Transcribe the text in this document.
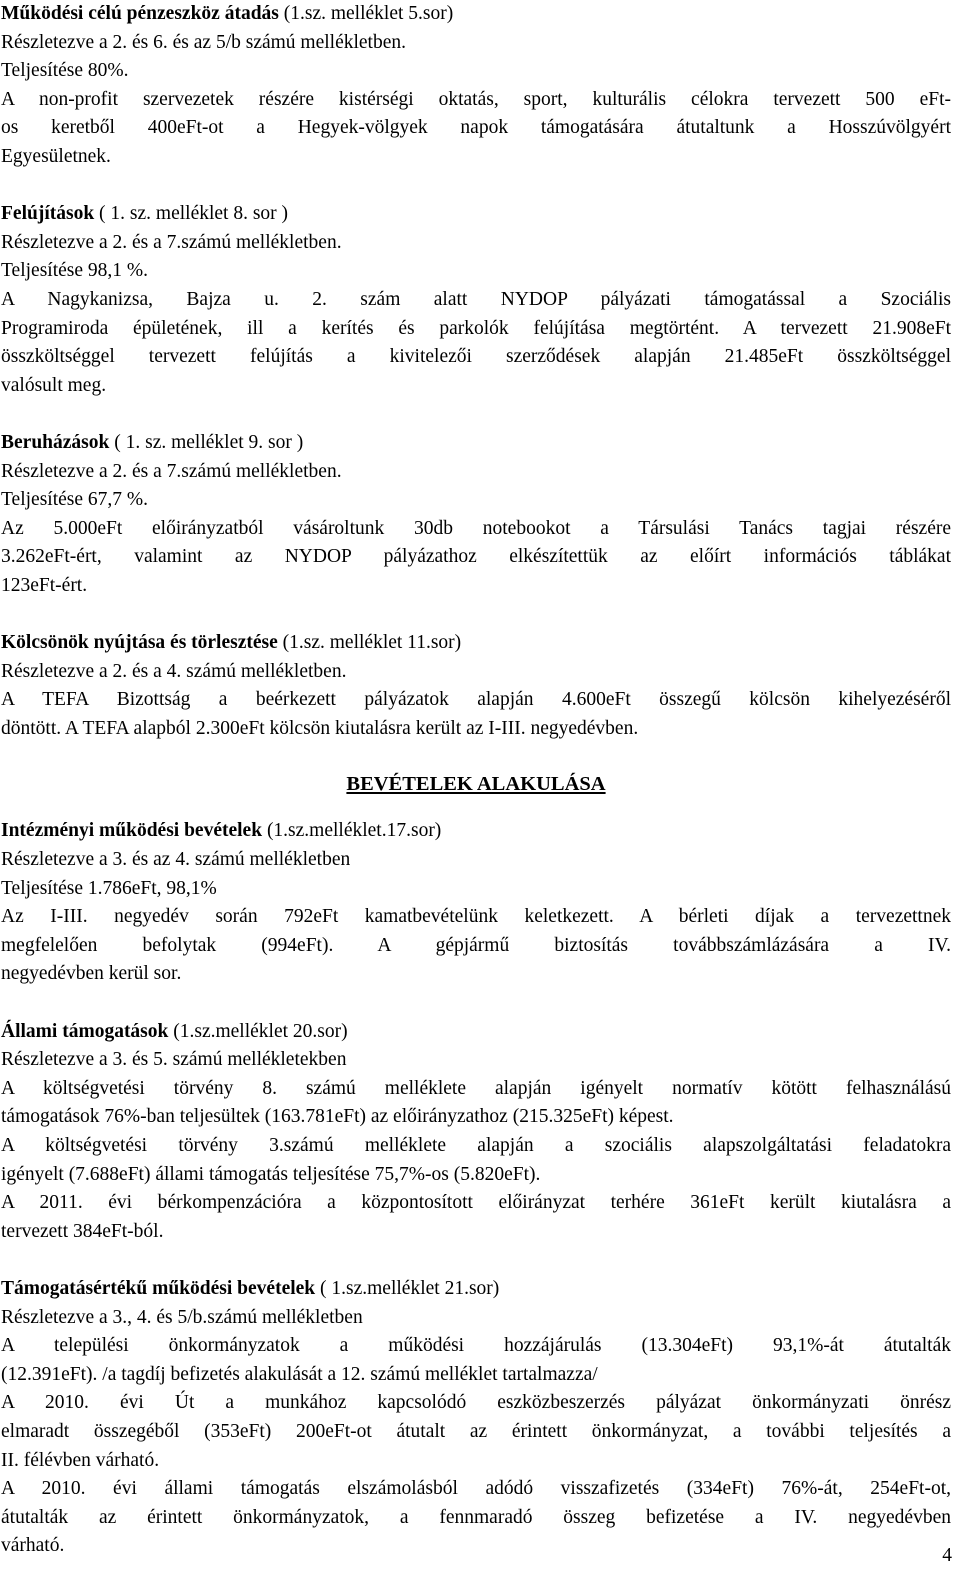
Működési célú pénzeszköz átadás (1.sz. melléklet 5.sor)
Részletezve a 2. és 6. és az 5/b számú mellékletben.
Teljesítése 80%.
A non-profit szervezetek részére kistérségi oktatás, sport, kulturális célokra tervezett 500 eFt-
os keretből 400eFt-ot a Hegyek-völgyek napok támogatására átutaltunk a Hosszúvölgyért
Egyesületnek.
Felújítások ( 1. sz. melléklet 8. sor )
Részletezve a 2. és a 7.számú mellékletben.
Teljesítése 98,1 %.
A Nagykanizsa, Bajza u. 2. szám alatt NYDOP pályázati támogatással a Szociális
Programiroda épületének, ill a kerítés és parkolók felújítása megtörtént. A tervezett 21.908eFt
összköltséggel tervezett felújítás a kivitelezői szerződések alapján 21.485eFt összköltséggel
valósult meg.
Beruházások ( 1. sz. melléklet 9. sor )
Részletezve a 2. és a 7.számú mellékletben.
Teljesítése 67,7 %.
Az 5.000eFt előirányzatból vásároltunk 30db notebookot a Társulási Tanács tagjai részére
3.262eFt-ért, valamint az NYDOP pályázathoz elkészítettük az előírt információs táblákat
123eFt-ért.
Kölcsönök nyújtása és törlesztése (1.sz. melléklet 11.sor)
Részletezve a 2. és a 4. számú mellékletben.
A TEFA Bizottság a beérkezett pályázatok alapján 4.600eFt összegű kölcsön kihelyezéséről
döntött. A TEFA alapból 2.300eFt kölcsön kiutalásra került az I-III. negyedévben.
BEVÉTELEK ALAKULÁSA
Intézményi működési bevételek (1.sz.melléklet.17.sor)
Részletezve a 3. és az 4. számú mellékletben
Teljesítése 1.786eFt, 98,1%
Az I-III. negyedév során 792eFt kamatbevételünk keletkezett. A bérleti díjak a tervezettnek
megfelelően befolytak (994eFt). A gépjármű biztosítás továbbszámlázására a IV.
negyedévben kerül sor.
Állami támogatások (1.sz.melléklet 20.sor)
Részletezve a 3. és 5. számú mellékletekben
A költségvetési törvény 8. számú melléklete alapján igényelt normatív kötött felhasználású
támogatások 76%-ban teljesültek (163.781eFt) az előirányzathoz (215.325eFt) képest.
A költségvetési törvény 3.számú melléklete alapján a szociális alapszolgáltatási feladatokra
igényelt (7.688eFt) állami támogatás teljesítése 75,7%-os (5.820eFt).
A 2011. évi bérkompenzációra a központosított előirányzat terhére 361eFt került kiutalásra a
tervezett 384eFt-ból.
Támogatásértékű működési bevételek ( 1.sz.melléklet 21.sor)
Részletezve a 3., 4. és 5/b.számú mellékletben
A települési önkormányzatok a működési hozzájárulás (13.304eFt) 93,1%-át átutalták
(12.391eFt). /a tagdíj befizetés alakulását a 12. számú melléklet tartalmazza/
A 2010. évi Út a munkához kapcsolódó eszközbeszerzés pályázat önkormányzati önrész
elmaradt összegéből (353eFt) 200eFt-ot átutalt az érintett önkormányzat, a további teljesítés a
II. félévben várható.
A 2010. évi állami támogatás elszámolásból adódó visszafizetés (334eFt) 76%-át, 254eFt-ot,
átutalták az érintett önkormányzatok, a fennmaradó összeg befizetése a IV. negyedévben
várható.	4
